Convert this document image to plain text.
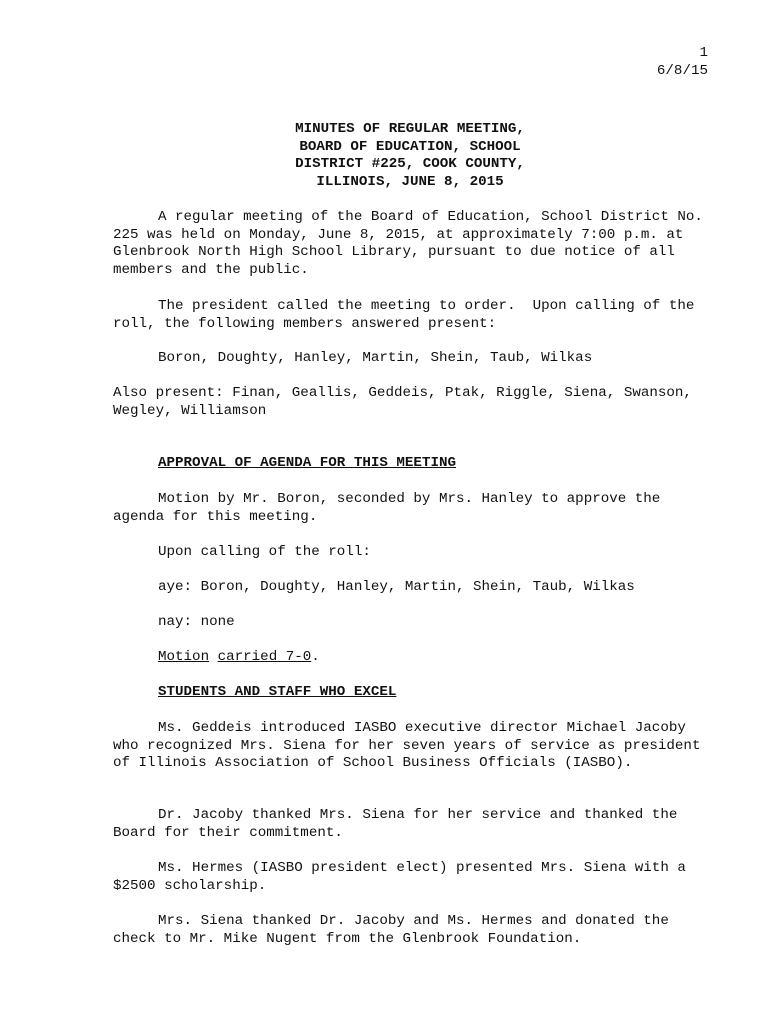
1
6/8/15
MINUTES OF REGULAR MEETING,
BOARD OF EDUCATION, SCHOOL
DISTRICT #225, COOK COUNTY,
ILLINOIS, JUNE 8, 2015

A regular meeting of the Board of Education, School District No. 225 was held on Monday, June 8, 2015, at approximately 7:00 p.m. at Glenbrook North High School Library, pursuant to due notice of all members and the public.

The president called the meeting to order.  Upon calling of the roll, the following members answered present:

Boron, Doughty, Hanley, Martin, Shein, Taub, Wilkas

Also present: Finan, Geallis, Geddeis, Ptak, Riggle, Siena, Swanson, Wegley, Williamson

APPROVAL OF AGENDA FOR THIS MEETING

Motion by Mr. Boron, seconded by Mrs. Hanley to approve the agenda for this meeting.

Upon calling of the roll:

aye: Boron, Doughty, Hanley, Martin, Shein, Taub, Wilkas

nay: none

Motion carried 7-0.

STUDENTS AND STAFF WHO EXCEL

Ms. Geddeis introduced IASBO executive director Michael Jacoby who recognized Mrs. Siena for her seven years of service as president of Illinois Association of School Business Officials (IASBO).

Dr. Jacoby thanked Mrs. Siena for her service and thanked the Board for their commitment.

Ms. Hermes (IASBO president elect) presented Mrs. Siena with a $2500 scholarship.

Mrs. Siena thanked Dr. Jacoby and Ms. Hermes and donated the check to Mr. Mike Nugent from the Glenbrook Foundation.
